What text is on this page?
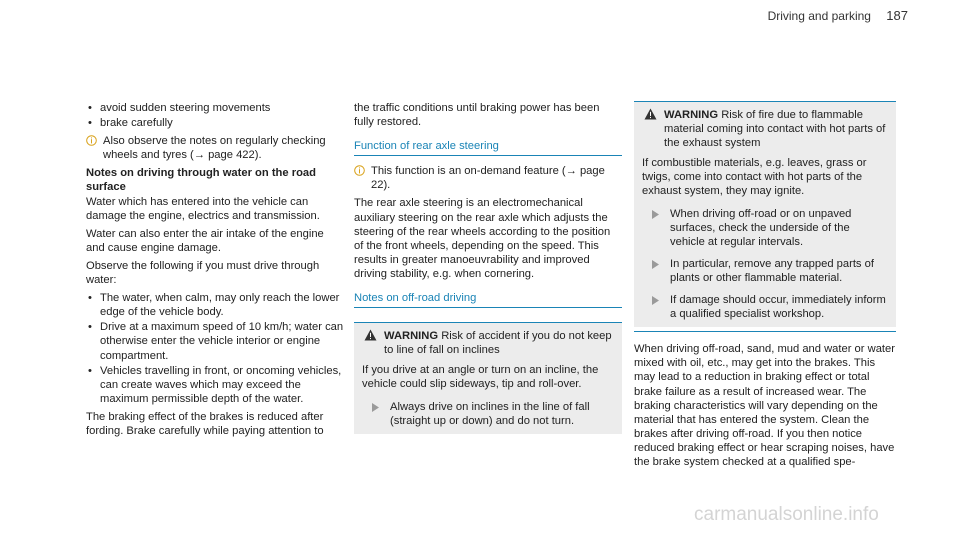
Driving and parking 187
• avoid sudden steering movements
• brake carefully
Also observe the notes on regularly checking wheels and tyres (→ page 422).

Notes on driving through water on the road surface

Water which has entered into the vehicle can damage the engine, electrics and transmission.

Water can also enter the air intake of the engine and cause engine damage.

Observe the following if you must drive through water:

• The water, when calm, may only reach the lower edge of the vehicle body.
• Drive at a maximum speed of 10 km/h; water can otherwise enter the vehicle interior or engine compartment.
• Vehicles travelling in front, or oncoming vehicles, can create waves which may exceed the maximum permissible depth of the water.

The braking effect of the brakes is reduced after fording. Brake carefully while paying attention to

the traffic conditions until braking power has been fully restored.

Function of rear axle steering
This function is an on-demand feature (→ page 22).

The rear axle steering is an electromechanical auxiliary steering on the rear axle which adjusts the steering of the rear wheels according to the position of the front wheels, depending on the speed. This results in greater manoeuvrability and improved driving stability, e.g. when cornering.

Notes on off-road driving
WARNING Risk of accident if you do not keep to line of fall on inclines

If you drive at an angle or turn on an incline, the vehicle could slip sideways, tip and roll-over.

Always drive on inclines in the line of fall (straight up or down) and do not turn.
WARNING Risk of fire due to flammable material coming into contact with hot parts of the exhaust system

If combustible materials, e.g. leaves, grass or twigs, come into contact with hot parts of the exhaust system, they may ignite.

When driving off-road or on unpaved surfaces, check the underside of the vehicle at regular intervals.
In particular, remove any trapped parts of plants or other flammable material.
If damage should occur, immediately inform a qualified specialist workshop.

When driving off-road, sand, mud and water or water mixed with oil, etc., may get into the brakes. This may lead to a reduction in braking effect or total brake failure as a result of increased wear. The braking characteristics will vary depending on the material that has entered the system. Clean the brakes after driving off-road. If you then notice reduced braking effect or hear scraping noises, have the brake system checked at a qualified spe-

carmanualsonline.info
